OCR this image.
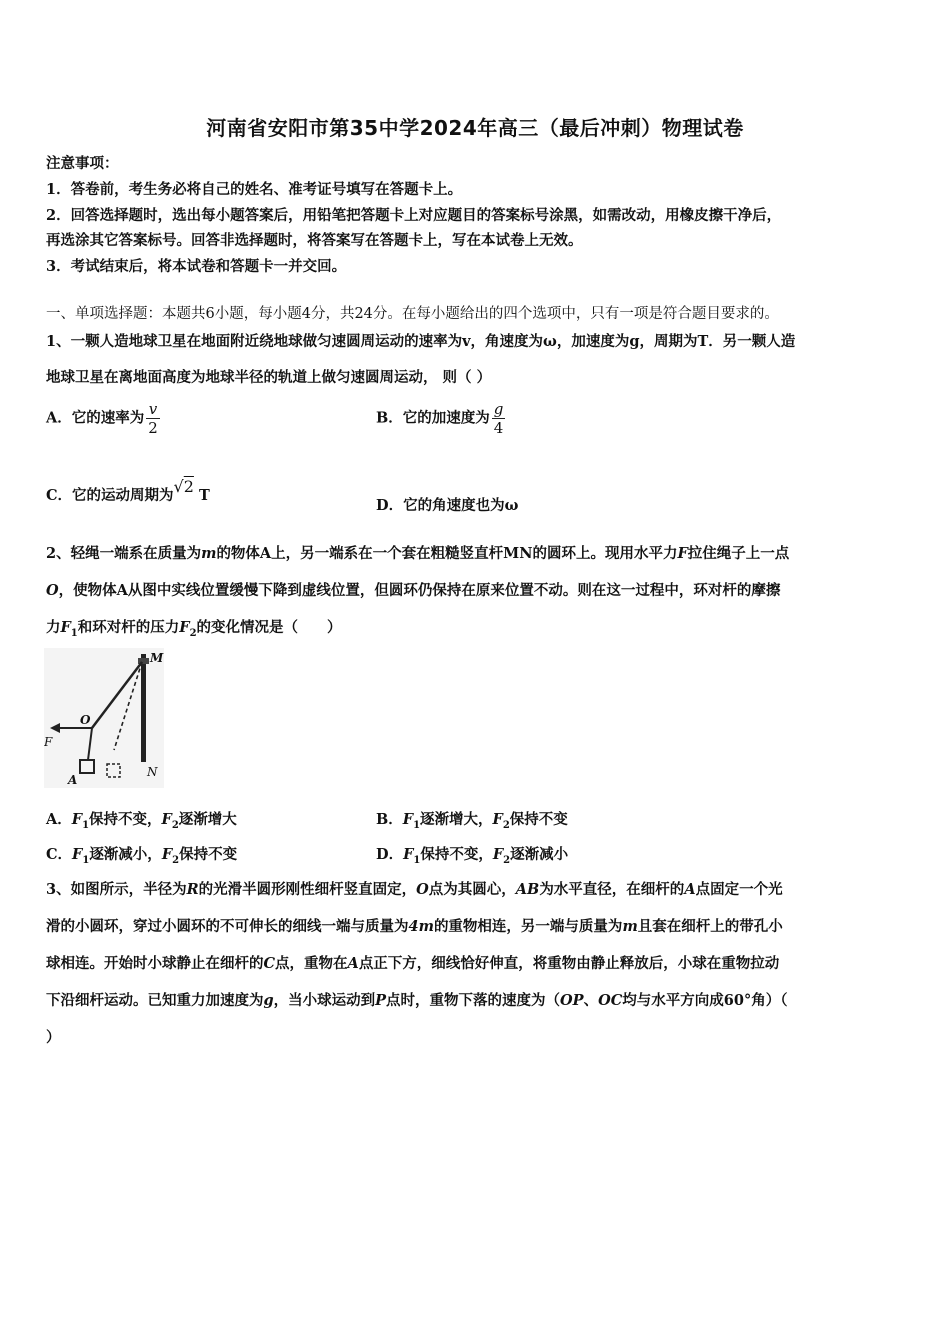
河南省安阳市第35中学2024年高三（最后冲刺）物理试卷
注意事项：
1．答卷前，考生务必将自己的姓名、准考证号填写在答题卡上。
2．回答选择题时，选出每小题答案后，用铅笔把答题卡上对应题目的答案标号涂黑，如需改动，用橡皮擦干净后，
再选涂其它答案标号。回答非选择题时，将答案写在答题卡上，写在本试卷上无效。
3．考试结束后，将本试卷和答题卡一并交回。
一、单项选择题：本题共6小题，每小题4分，共24分。在每小题给出的四个选项中，只有一项是符合题目要求的。
1、一颗人造地球卫星在地面附近绕地球做匀速圆周运动的速率为v，角速度为ω，加速度为g，周期为T．另一颗人造
地球卫星在离地面高度为地球半径的轨道上做匀速圆周运动， 则（ ）
A．它的速率为 $\frac{v}{2}$	B．它的加速度为 $\frac{g}{4}$
C．它的运动周期为√2 T
D．它的角速度也为ω
2、轻绳一端系在质量为m的物体A上，另一端系在一个套在粗糙竖直杆MN的圆环上。现用水平力F拉住绳子上一点
O，使物体A从图中实线位置缓慢下降到虚线位置，但圆环仍保持在原来位置不动。则在这一过程中，环对杆的摩擦
力$F_1$和环对杆的压力$F_2$的变化情况是（　　）
M
N
O
F
A
A．$F_1$保持不变，$F_2$逐渐增大	B．$F_1$逐渐增大，$F_2$保持不变
C．$F_1$逐渐减小，$F_2$保持不变	D．$F_1$保持不变，$F_2$逐渐减小
3、如图所示，半径为R的光滑半圆形刚性细杆竖直固定，O点为其圆心，AB为水平直径，在细杆的A点固定一个光
滑的小圆环，穿过小圆环的不可伸长的细线一端与质量为4m的重物相连，另一端与质量为m且套在细杆上的带孔小
球相连。开始时小球静止在细杆的C点，重物在A点正下方，细线恰好伸直，将重物由静止释放后，小球在重物拉动
下沿细杆运动。已知重力加速度为g，当小球运动到P点时，重物下落的速度为（OP、OC均与水平方向成60°角）（
）
